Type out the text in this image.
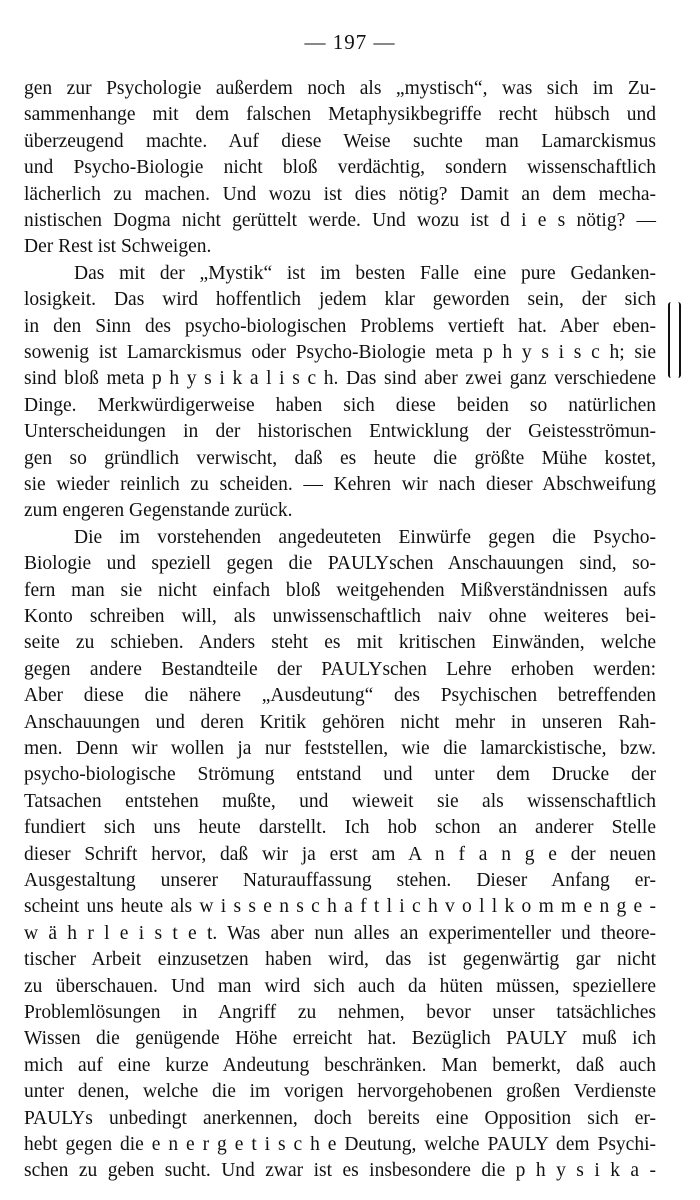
— 197 —
gen zur Psychologie außerdem noch als „mystisch“, was sich im Zu-
sammenhange mit dem falschen Metaphysikbegriffe recht hübsch und
überzeugend machte. Auf diese Weise suchte man Lamarckismus
und Psycho-Biologie nicht bloß verdächtig, sondern wissenschaftlich
lächerlich zu machen. Und wozu ist dies nötig? Damit an dem mecha-
nistischen Dogma nicht gerüttelt werde. Und wozu ist d i e s nötig? —
Der Rest ist Schweigen.
Das mit der „Mystik“ ist im besten Falle eine pure Gedanken-
losigkeit. Das wird hoffentlich jedem klar geworden sein, der sich
in den Sinn des psycho-biologischen Problems vertieft hat. Aber eben-
sowenig ist Lamarckismus oder Psycho-Biologie meta p h y s i s c h; sie
sind bloß meta p h y s i k a l i s c h. Das sind aber zwei ganz verschiedene
Dinge. Merkwürdigerweise haben sich diese beiden so natürlichen
Unterscheidungen in der historischen Entwicklung der Geistesströmun-
gen so gründlich verwischt, daß es heute die größte Mühe kostet,
sie wieder reinlich zu scheiden. — Kehren wir nach dieser Abschweifung
zum engeren Gegenstande zurück.
Die im vorstehenden angedeuteten Einwürfe gegen die Psycho-
Biologie und speziell gegen die PAULYschen Anschauungen sind, so-
fern man sie nicht einfach bloß weitgehenden Mißverständnissen aufs
Konto schreiben will, als unwissenschaftlich naiv ohne weiteres bei-
seite zu schieben. Anders steht es mit kritischen Einwänden, welche
gegen andere Bestandteile der PAULYschen Lehre erhoben werden:
Aber diese die nähere „Ausdeutung“ des Psychischen betreffenden
Anschauungen und deren Kritik gehören nicht mehr in unseren Rah-
men. Denn wir wollen ja nur feststellen, wie die lamarckistische, bzw.
psycho-biologische Strömung entstand und unter dem Drucke der
Tatsachen entstehen mußte, und wieweit sie als wissenschaftlich
fundiert sich uns heute darstellt. Ich hob schon an anderer Stelle
dieser Schrift hervor, daß wir ja erst am A n f a n g e der neuen
Ausgestaltung unserer Naturauffassung stehen. Dieser Anfang er-
scheint uns heute als w i s s e n s c h a f t l i c h v o l l k o m m e n g e -
w ä h r l e i s t e t. Was aber nun alles an experimenteller und theore-
tischer Arbeit einzusetzen haben wird, das ist gegenwärtig gar nicht
zu überschauen. Und man wird sich auch da hüten müssen, speziellere
Problemlösungen in Angriff zu nehmen, bevor unser tatsächliches
Wissen die genügende Höhe erreicht hat. Bezüglich PAULY muß ich
mich auf eine kurze Andeutung beschränken. Man bemerkt, daß auch
unter denen, welche die im vorigen hervorgehobenen großen Verdienste
PAULYs unbedingt anerkennen, doch bereits eine Opposition sich er-
hebt gegen die e n e r g e t i s c h e Deutung, welche PAULY dem Psychi-
schen zu geben sucht. Und zwar ist es insbesondere die p h y s i k a -
